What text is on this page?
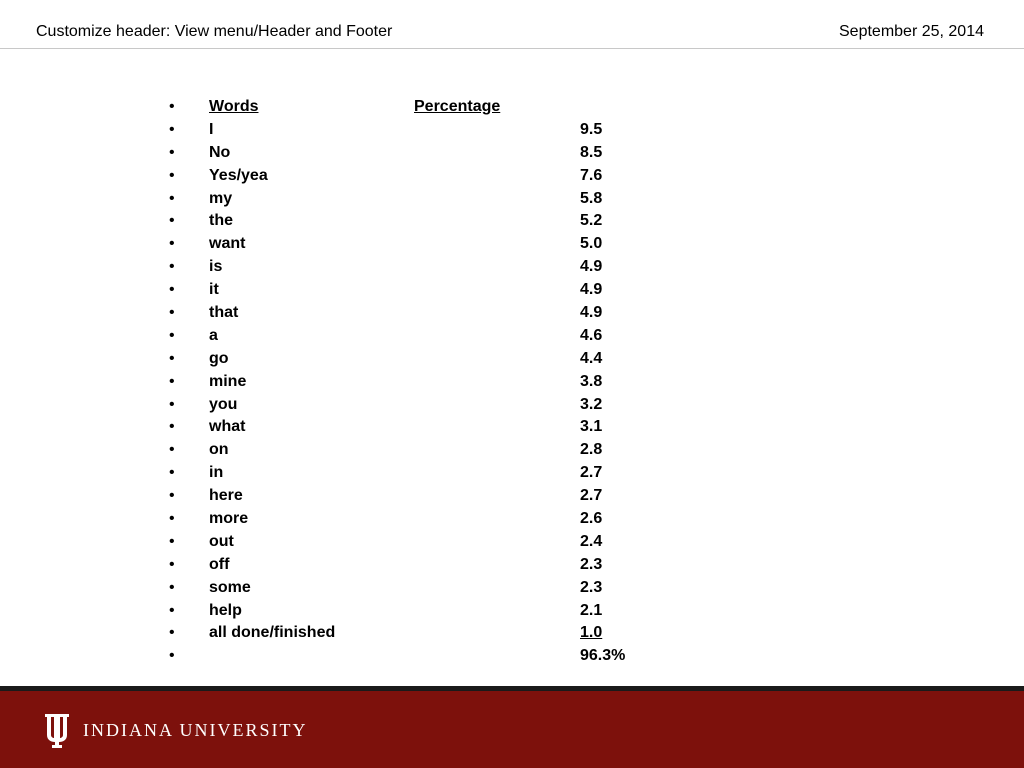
Customize header: View menu/Header and Footer	September 25, 2014
• Words	Percentage
• I	9.5
• No	8.5
• Yes/yea	7.6
• my	5.8
• the	5.2
• want	5.0
• is	4.9
• it	4.9
• that	4.9
• a	4.6
• go	4.4
• mine	3.8
• you	3.2
• what	3.1
• on	2.8
• in	2.7
• here	2.7
• more	2.6
• out	2.4
• off	2.3
• some	2.3
• help	2.1
• all done/finished	1.0
•	96.3%
INDIANA UNIVERSITY
